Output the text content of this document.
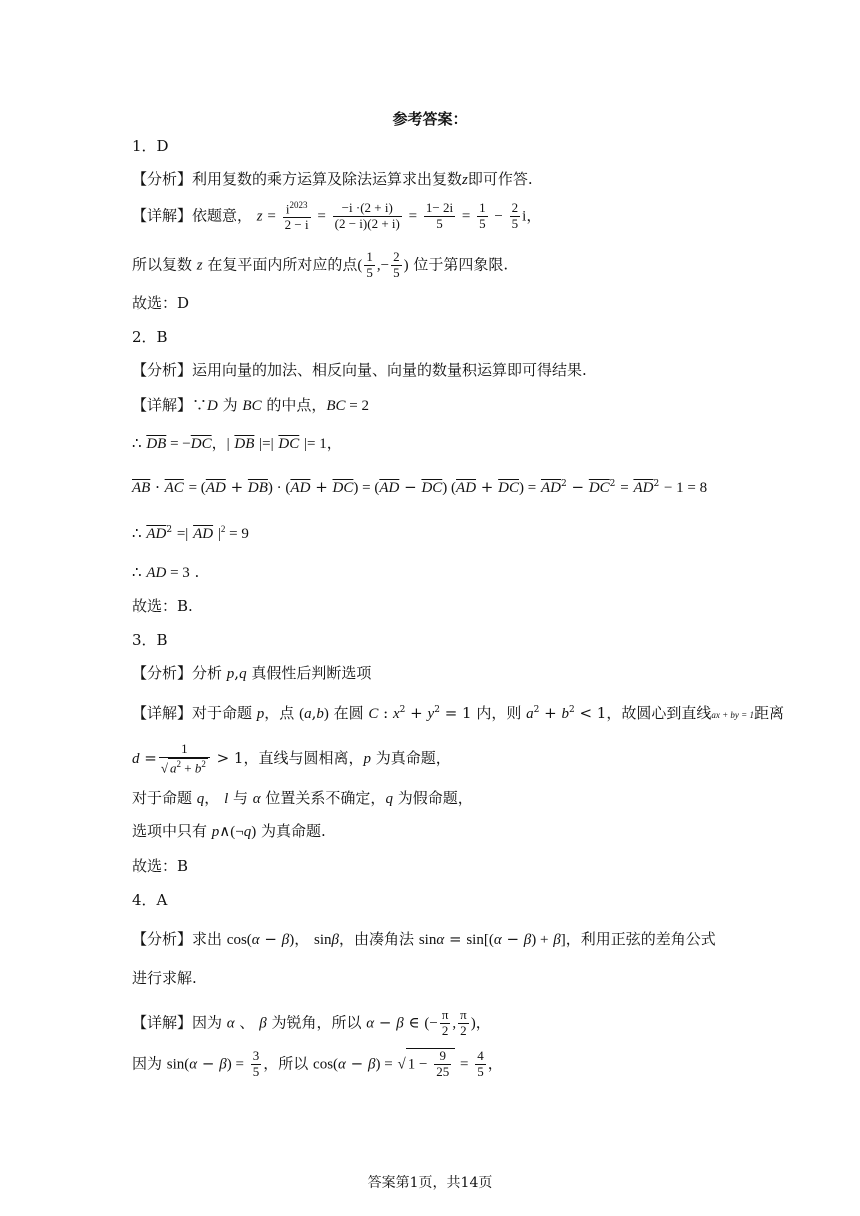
参考答案：
1．D
【分析】利用复数的乘方运算及除法运算求出复数z即可作答.
【详解】依题意， $z = \frac{i^{2023}}{2 - i} = \frac{-i \cdot(2 + i)}{(2 - i)(2 + i)} = \frac{1- 2i}{5} = \frac{1}{5} - \frac{2}{5}$ i，
所以复数 z 在复平面内所对应的点( $\frac{1}{5}$ ,− $\frac{2}{5}$ ) 位于第四象限.
故选：D
2．B
【分析】运用向量的加法、相反向量、向量的数量积运算即可得结果.
【详解】∵D 为 BC 的中点，BC = 2
∴ $\overline{DB} = -\overline{DC}$，| $\overline{DB}$ |=| $\overline{DC}$ |= 1，
$\overline{AB} \cdot \overline{AC} = (\overline{AD} + \overline{DB}) \cdot (\overline{AD} + \overline{DC}) = (\overline{AD} - \overline{DC}) (\overline{AD} + \overline{DC}) = \overline{AD}^2 - \overline{DC}^2 = \overline{AD}^2 - 1 = 8$
∴ $\overline{AD}^2$ =| $\overline{AD}$ $|^2 = 9$
∴ AD = 3 .
故选：B.
3．B
【分析】分析 p,q 真假性后判断选项
【详解】对于命题 p，点 (a,b) 在圆 C : $x^2 + y^2 = 1$ 内，则 $a^2 + b^2 < 1$，故圆心到直线ax + by = 1距离
$d = \frac{1}{√ a^2 + b^2} > 1$，直线与圆相离，p 为真命题，
对于命题 q， l 与 α 位置关系不确定，q 为假命题，
选项中只有 p∧(¬q) 为真命题.
故选：B
4．A
【分析】求出 cos(α − β)， sinβ，由凑角法 sinα = sin[(α − β) + β]，利用正弦的差角公式
进行求解.
【详解】因为 α 、 β 为锐角，所以 α − β ∈ (− $\frac{\pi}{2}$ , $\frac{\pi}{2}$ )，
因为 $\sin(\alpha - \beta) = \frac{3}{5}$ ，所以 cos(α − β) = √ $1 - \frac{9}{25} = \frac{4}{5}$ ，
答案第1页，共14页
